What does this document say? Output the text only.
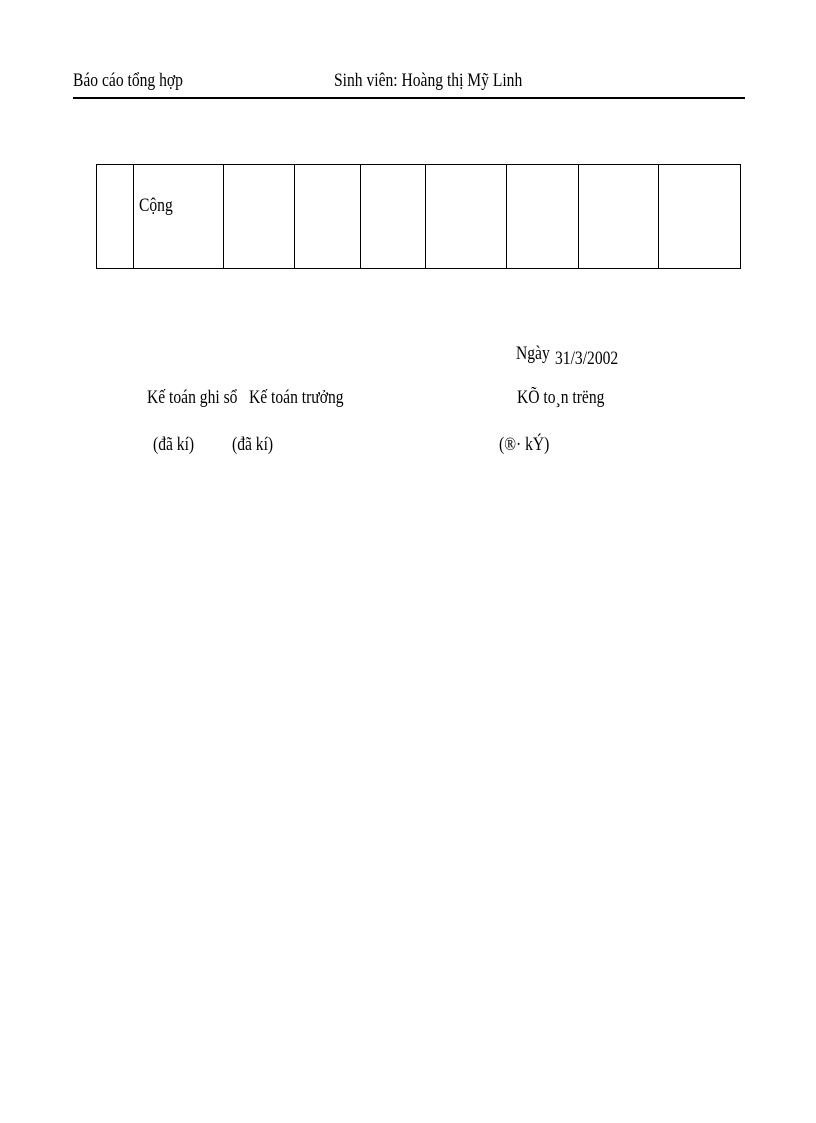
Báo cáo tổng hợp	Sinh viên: Hoàng thị Mỹ Linh
	Cộng							
Ngày 31/3/2002
Kế toán ghi sổ Kế toán trưởng	KÕ to¸n trëng
(đã kí) (đã kí)	(®· kÝ)
